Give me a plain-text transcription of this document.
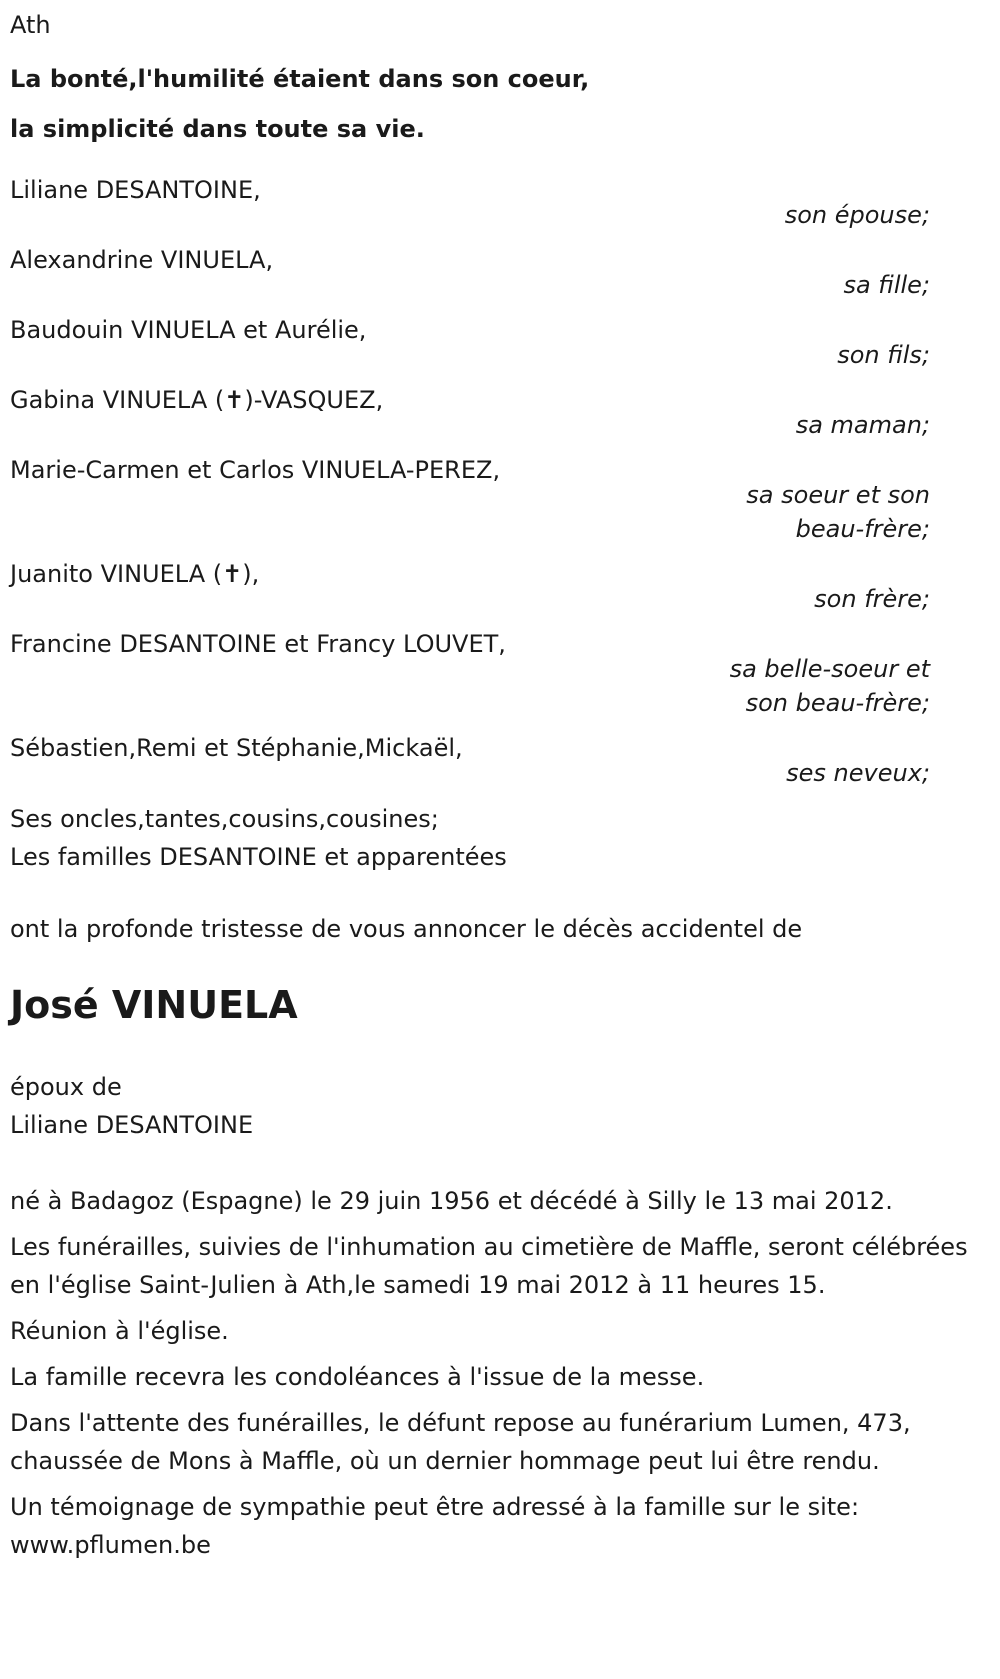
Ath

La bonté,l'humilité étaient dans son coeur,

la simplicité dans toute sa vie.

Liliane DESANTOINE,
son épouse;
Alexandrine VINUELA,
sa fille;
Baudouin VINUELA et Aurélie,
son fils;
Gabina VINUELA (✝)-VASQUEZ,
sa maman;
Marie-Carmen et Carlos VINUELA-PEREZ,
sa soeur et son
beau-frère;
Juanito VINUELA (✝),
son frère;
Francine DESANTOINE et Francy LOUVET,
sa belle-soeur et
son beau-frère;
Sébastien,Remi et Stéphanie,Mickaël,
ses neveux;

Ses oncles,tantes,cousins,cousines;

Les familles DESANTOINE et apparentées

ont la profonde tristesse de vous annoncer le décès accidentel de

José VINUELA

époux de

Liliane DESANTOINE

né à Badagoz (Espagne) le 29 juin 1956 et décédé à Silly le 13 mai 2012.

Les funérailles, suivies de l'inhumation au cimetière de Maffle, seront célébrées en l'église Saint-Julien à Ath,le samedi 19 mai 2012 à 11 heures 15.

Réunion à l'église.

La famille recevra les condoléances à l'issue de la messe.

Dans l'attente des funérailles, le défunt repose au funérarium Lumen, 473, chaussée de Mons à Maffle, où un dernier hommage peut lui être rendu.

Un témoignage de sympathie peut être adressé à la famille sur le site:
www.pflumen.be
